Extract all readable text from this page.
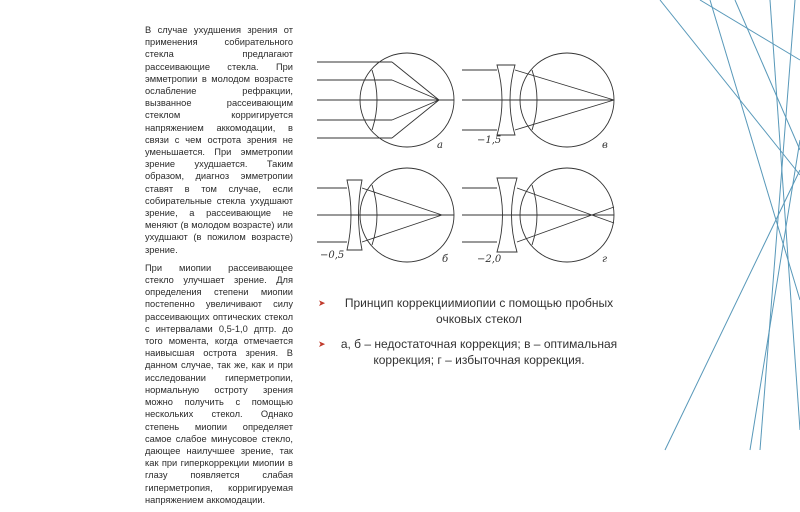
В случае ухудшения зрения от применения собирательного стекла предлагают рассеивающие стекла. При эмметропии в молодом возрасте ослабление рефракции, вызванное рассеивающим стеклом корригируется напряжением аккомодации, в связи с чем острота зрения не уменьшается. При эмметропии зрение ухудшается. Таким образом, диагноз эмметропии ставят в том случае, если собирательные стекла ухудшают зрение, а рассеивающие не меняют (в молодом возрасте) или ухудшают (в пожилом возрасте) зрение.

При миопии рассеивающее стекло улучшает зрение. Для определения степени миопии постепенно увеличивают силу рассеивающих оптических стекол с интервалами 0,5-1,0 дптр. до того момента, когда отмечается наивысшая острота зрения. В данном случае, так же, как и при исследовании гиперметропии, нормальную остроту зрения можно получить с помощью нескольких стекол. Однако степень миопии определяет самое слабое минусовое стекло, дающее наилучшее зрение, так как при гиперкоррекции миопии в глазу появляется слабая гиперметропия, корригируемая напряжением аккомодации.

а	в
б	г
−0,5
−1,5
−2,0
➤ Принцип коррекциимиопии с помощью пробных очковых стекол
➤ а, б – недостаточная коррекция; в – оптимальная коррекция; г – избыточная коррекция.
